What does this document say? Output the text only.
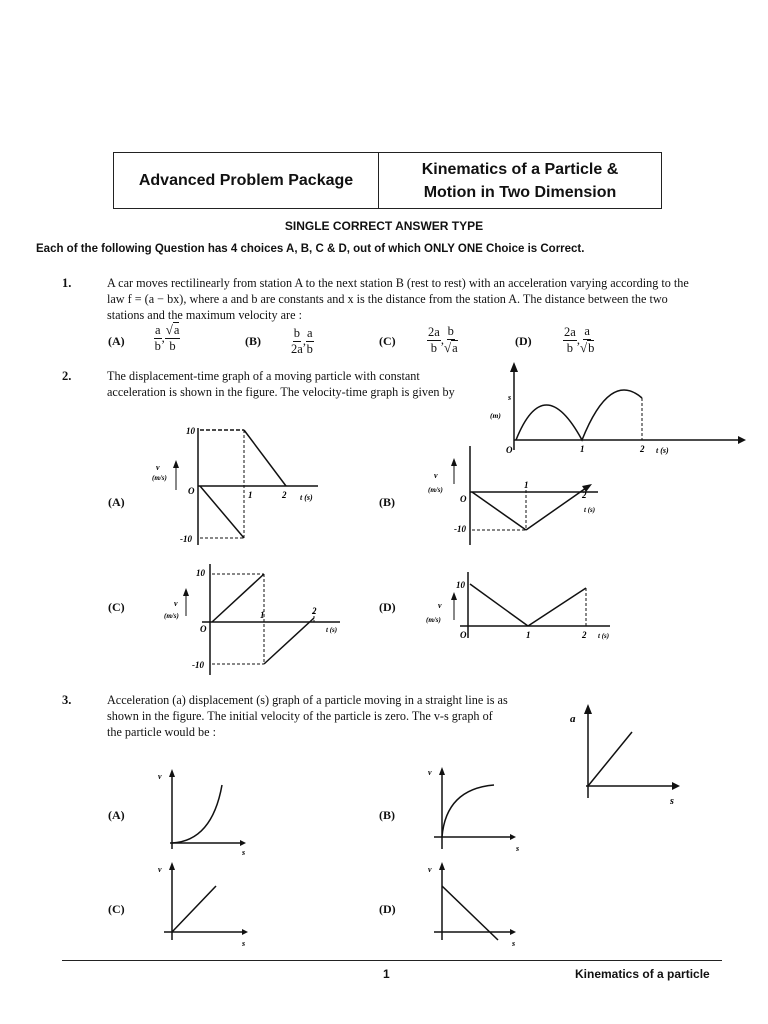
Advanced Problem Package
Kinematics of a Particle &
Motion in Two Dimension
SINGLE CORRECT ANSWER TYPE
Each of the following Question has 4 choices A, B, C & D, out of which ONLY ONE Choice is Correct.
1.	A car moves rectilinearly from station A to the next station B (rest to rest) with an acceleration varying according to the
law f = (a − bx), where a and b are constants and x is the distance from the station A. The distance between the two
stations and the maximum velocity are :
$(A) \frac{a}{b}$ ,
√a
b	$(B) \frac{b}{2a}$ , $\frac{a}{b}$	(C)	$\frac{2a}{b}$ ,
b
√a	(D)	$\frac{2a}{b}$ ,
a
√b
2.	The displacement-time graph of a moving particle with constant
acceleration is shown in the figure. The velocity-time graph is given by	s
(m)
O	1	2 t (s)
(A)	(B)
(C)	(D)
10
v
(m/s)
O	1	2 t (s)
-10
v
(m/s)
O
1
2
t (s)
-10
10
v
(m/s)
O
1	2
t (s)
-10
10
v
(m/s)
O	1	2 t (s)
3.	Acceleration (a) displacement (s) graph of a particle moving in a straight line is as
shown in the figure. The initial velocity of the particle is zero. The v-s graph of
the particle would be :
a
s
(A)	(B)
(C)	(D)
v
s
v
s
v
s
v
s
1	Kinematics of a particle
